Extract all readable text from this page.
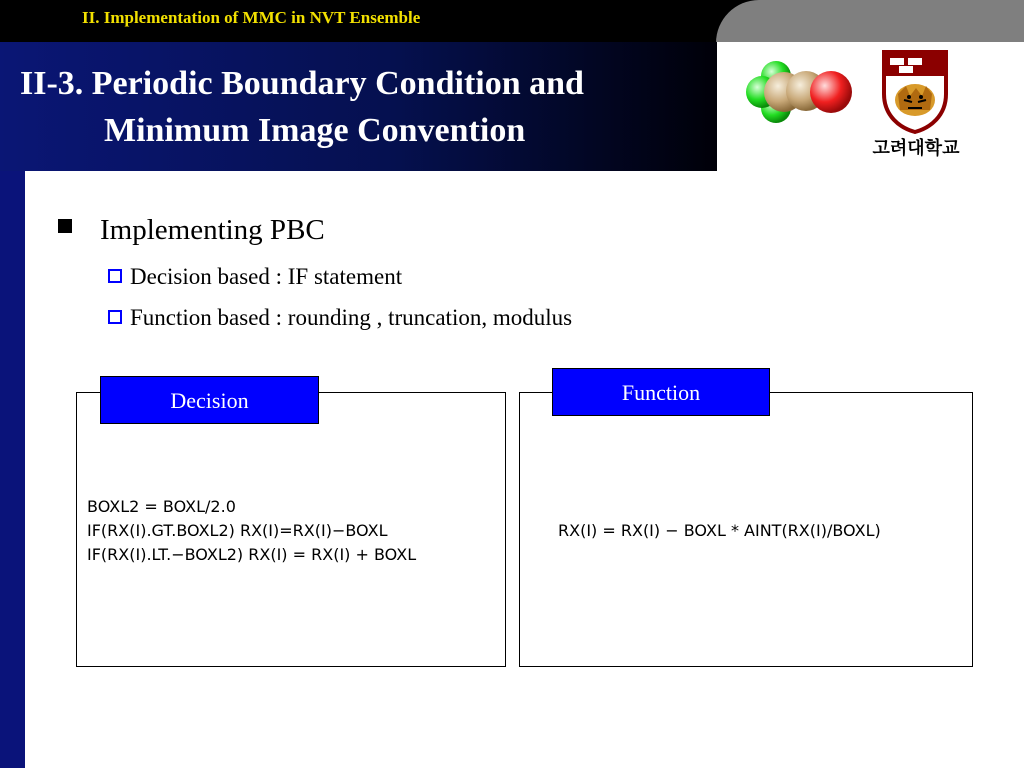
II. Implementation of MMC in NVT Ensemble
II-3. Periodic Boundary Condition and
Minimum Image Convention	고려대학교
Implementing PBC
Decision based : IF statement
Function based : rounding , truncation, modulus
Decision
BOXL2 = BOXL/2.0
IF(RX(I).GT.BOXL2) RX(I)=RX(I)−BOXL
IF(RX(I).LT.−BOXL2) RX(I) = RX(I) + BOXL
Function
RX(I) = RX(I) − BOXL * AINT(RX(I)/BOXL)
